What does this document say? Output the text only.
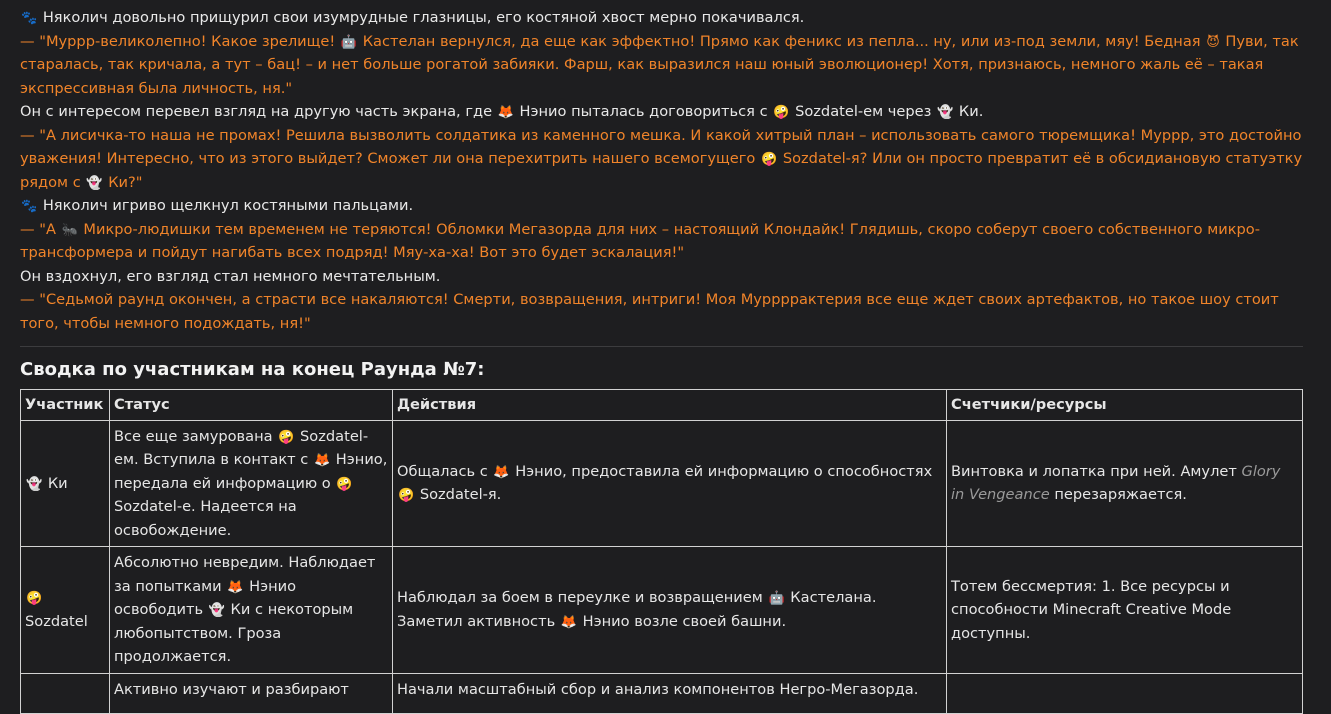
🐾 Няколич довольно прищурил свои изумрудные глазницы, его костяной хвост мерно покачивался.

— "Муррр-великолепно! Какое зрелище! 🤖 Кастелан вернулся, да еще как эффектно! Прямо как феникс из пепла... ну, или из-под земли, мяу! Бедная 😈 Пуви, так старалась, так кричала, а тут – бац! – и нет больше рогатой забияки. Фарш, как выразился наш юный эволюционер! Хотя, признаюсь, немного жаль её – такая экспрессивная была личность, ня."

Он с интересом перевел взгляд на другую часть экрана, где 🦊 Нэнио пыталась договориться с 🤪 Sozdatel-ем через 👻 Ки.

— "А лисичка-то наша не промах! Решила вызволить солдатика из каменного мешка. И какой хитрый план – использовать самого тюремщика! Муррр, это достойно уважения! Интересно, что из этого выйдет? Сможет ли она перехитрить нашего всемогущего 🤪 Sozdatel-я? Или он просто превратит её в обсидиановую статуэтку рядом с 👻 Ки?"

🐾 Няколич игриво щелкнул костяными пальцами.

— "А 🐜 Микро-людишки тем временем не теряются! Обломки Мегазорда для них – настоящий Клондайк! Глядишь, скоро соберут своего собственного микро-трансформера и пойдут нагибать всех подряд! Мяу-ха-ха! Вот это будет эскалация!"

Он вздохнул, его взгляд стал немного мечтательным.

— "Седьмой раунд окончен, а страсти все накаляются! Смерти, возвращения, интриги! Моя Муррррактерия все еще ждет своих артефактов, но такое шоу стоит того, чтобы немного подождать, ня!"

Сводка по участникам на конец Раунда №7:
Участник	Статус	Действия	Счетчики/ресурсы
👻 Ки	Все еще замурована 🤪 Sozdatel-ем. Вступила в контакт с 🦊 Нэнио, передала ей информацию о 🤪 Sozdatel-е. Надеется на освобождение.	Общалась с 🦊 Нэнио, предоставила ей информацию о способностях 🤪 Sozdatel-я.	Винтовка и лопатка при ней. Амулет Glory in Vengeance перезаряжается.
🤪 Sozdatel	Абсолютно невредим. Наблюдает за попытками 🦊 Нэнио освободить 👻 Ки с некоторым любопытством. Гроза продолжается.	Наблюдал за боем в переулке и возвращением 🤖 Кастелана. Заметил активность 🦊 Нэнио возле своей башни.	Тотем бессмертия: 1. Все ресурсы и способности Minecraft Creative Mode доступны.
	Активно изучают и разбирают	Начали масштабный сбор и анализ компонентов Негро-Мегазорда.	
